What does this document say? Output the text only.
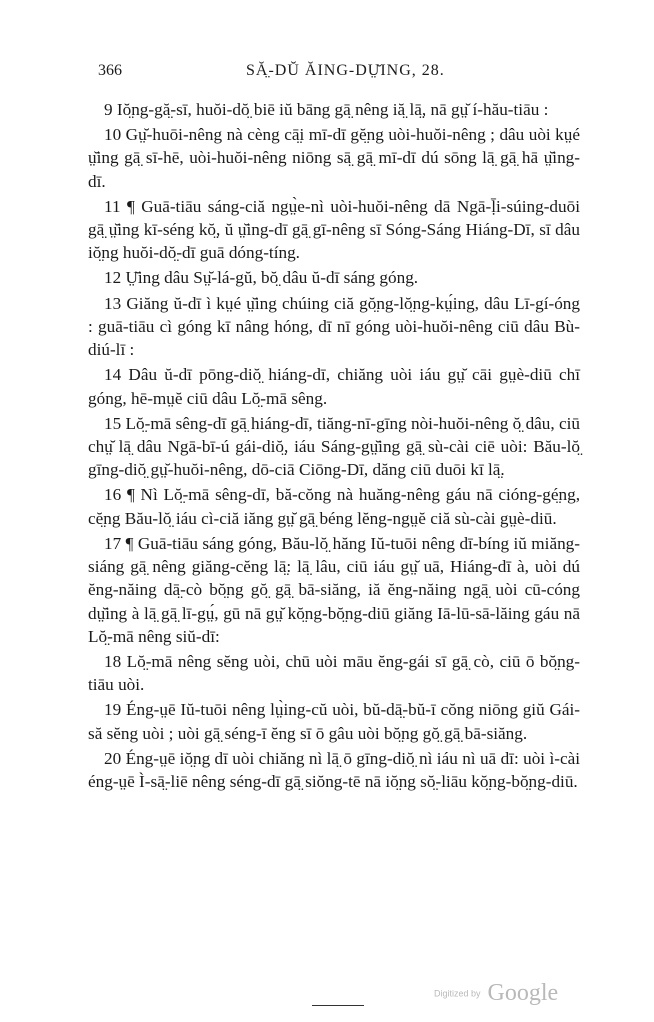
366	SĂ̤-DŬ ĂING-DṲ̆ING, 28.

9 Iŏ̤ng-gă̤-sī, huŏi-dŏ̤ biē iŭ bāng gā̤ nêng iă̤ lā̤, nā gṳ̆ í-hău-tiāu :

10 Gṳ̆-huōi-nêng nà cèng cā̤i mī-dī gĕ̤ng uòi-huŏi-nêng ; dâu uòi kṳé ṳ̆ing gā̤ sī-hē, uòi-huŏi-nêng niōng sā̤ gā̤ mī-dī dú sōng lā̤ gā̤ hā ṳ̆ing-dī.

11 ¶ Guā-tiāu sáng-ciă ngṳ̀e-nì uòi-huŏi-nêng dā Ngā-ḹi-súing-duōi gā̤ ṳ̆ing kī-séng kŏ̤, ŭ ṳ̆ing-dī gā̤ gī-nêng sī Sóng-Sáng Hiáng-Dī, sī dâu iŏ̤ng huŏi-dŏ̤-dī guā dóng-tíng.

12 Ṳ̆ing dâu Sṳ̆-lá-gŭ, bŏ̤ dâu ŭ-dī sáng góng.

13 Giăng ŭ-dī ì kṳé ṳ̆ing chúing ciă gŏ̤ng-lŏ̤ng-kṳ́ing, dâu Lī-gí-óng : guā-tiāu cì góng kī nâng hóng, dī nī góng uòi-huŏi-nêng ciū dâu Bù-diú-lī :

14 Dâu ŭ-dī pōng-diŏ̤ hiáng-dī, chiăng uòi iáu gṳ̆ cāi gṳè-diū chī góng, hē-mṳĕ ciū dâu Lŏ̤-mā sêng.

15 Lŏ̤-mā sêng-dī gā̤ hiáng-dī, tiăng-nī-gīng nòi-huŏi-nêng ŏ̤ dâu, ciū chṳ̆ lā̤ dâu Ngā-bī-ú gái-diŏ̤, iáu Sáng-gṳ̆ing gā̤ sù-cài ciē uòi: Bău-lŏ̤ gīng-diŏ̤ gṳ̆-huŏi-nêng, dō-ciā Ciōng-Dī, dăng ciū duōi kī lā̤.

16 ¶ Nì Lŏ̤-mā sêng-dī, bă-cŏng nà huăng-nêng gáu nā cióng-gé̤ng, cĕ̤ng Bău-lŏ̤ iáu cì-ciă iăng gṳ̆ gā̤ béng lĕng-ngṳĕ ciă sù-cài gṳè-diū.

17 ¶ Guā-tiāu sáng góng, Bău-lŏ̤ hăng Iŭ-tuōi nêng dī-bíng iŭ miăng-siáng gā̤ nêng giăng-cĕng lā̤: lā̤ lâu, ciū iáu gṳ̆ uā, Hiáng-dī à, uòi dú ĕng-năing dā̤-cò bŏ̤ng gŏ̤ gā̤ bā-siăng, iă ĕng-năing ngā̤ uòi cū-cóng dṳ̆ing à lā̤ gā̤ lī-gṳ́, gū nā gṳ̆ kŏ̤ng-bŏ̤ng-diū giăng Iā-lū-sā-lăing gáu nā Lŏ̤-mā nêng siŭ-dī:

18 Lŏ̤-mā nêng sĕng uòi, chū uòi māu ĕng-gái sī gā̤ cò, ciū ō bŏ̤ng-tiāu uòi.

19 Éng-ṳē Iŭ-tuōi nêng lṳ̀ing-cŭ uòi, bŭ-dā̤-bŭ-ī cŏng niōng giŭ Gái-să sĕng uòi ; uòi gā̤ séng-ī ĕng sī ō gâu uòi bŏ̤ng gŏ̤ gā̤ bā-siăng.

20 Éng-ṳē iŏ̤ng dī uòi chiăng nì lā̤ ō gīng-diŏ̤ nì iáu nì uā dī: uòi ì-cài éng-ṳē Ì-sā̤-liē nêng séng-dī gā̤ siŏng-tē nā iŏ̤ng sŏ̤-liāu kŏ̤ng-bŏ̤ng-diū.

Digitized by Google
